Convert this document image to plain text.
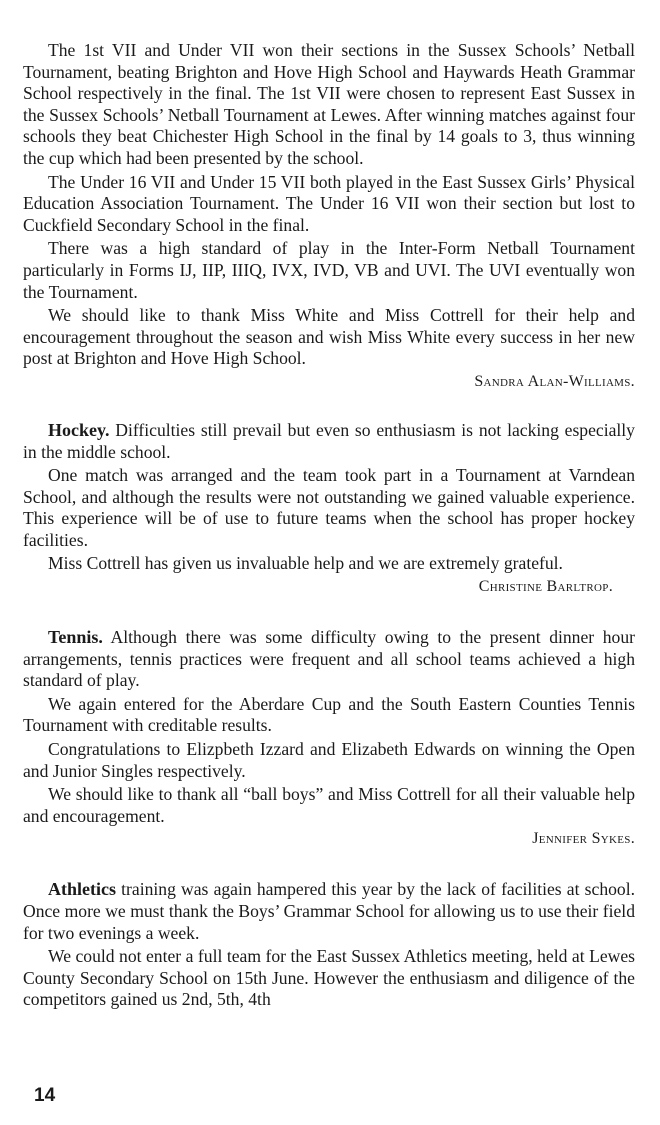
The 1st VII and Under VII won their sections in the Sussex Schools’ Netball Tournament, beating Brighton and Hove High School and Haywards Heath Grammar School respectively in the final. The 1st VII were chosen to represent East Sussex in the Sussex Schools’ Netball Tournament at Lewes. After winning matches against four schools they beat Chichester High School in the final by 14 goals to 3, thus winning the cup which had been presented by the school.

The Under 16 VII and Under 15 VII both played in the East Sussex Girls’ Physical Education Association Tournament. The Under 16 VII won their section but lost to Cuckfield Secondary School in the final.

There was a high standard of play in the Inter-Form Netball Tournament particularly in Forms IJ, IIP, IIIQ, IVX, IVD, VB and UVI. The UVI eventually won the Tournament.

We should like to thank Miss White and Miss Cottrell for their help and encouragement throughout the season and wish Miss White every success in her new post at Brighton and Hove High School.

Sandra Alan-Williams.

Hockey. Difficulties still prevail but even so enthusiasm is not lacking especially in the middle school.

One match was arranged and the team took part in a Tournament at Varndean School, and although the results were not outstanding we gained valuable experience. This experience will be of use to future teams when the school has proper hockey facilities.

Miss Cottrell has given us invaluable help and we are extremely grateful.

Christine Barltrop.

Tennis. Although there was some difficulty owing to the present dinner hour arrangements, tennis practices were frequent and all school teams achieved a high standard of play.

We again entered for the Aberdare Cup and the South Eastern Counties Tennis Tournament with creditable results.

Congratulations to Elizpbeth Izzard and Elizabeth Edwards on winning the Open and Junior Singles respectively.

We should like to thank all “ball boys” and Miss Cottrell for all their valuable help and encouragement.

Jennifer Sykes.

Athletics training was again hampered this year by the lack of facilities at school. Once more we must thank the Boys’ Grammar School for allowing us to use their field for two evenings a week.

We could not enter a full team for the East Sussex Athletics meeting, held at Lewes County Secondary School on 15th June. However the enthusiasm and diligence of the competitors gained us 2nd, 5th, 4th

14
